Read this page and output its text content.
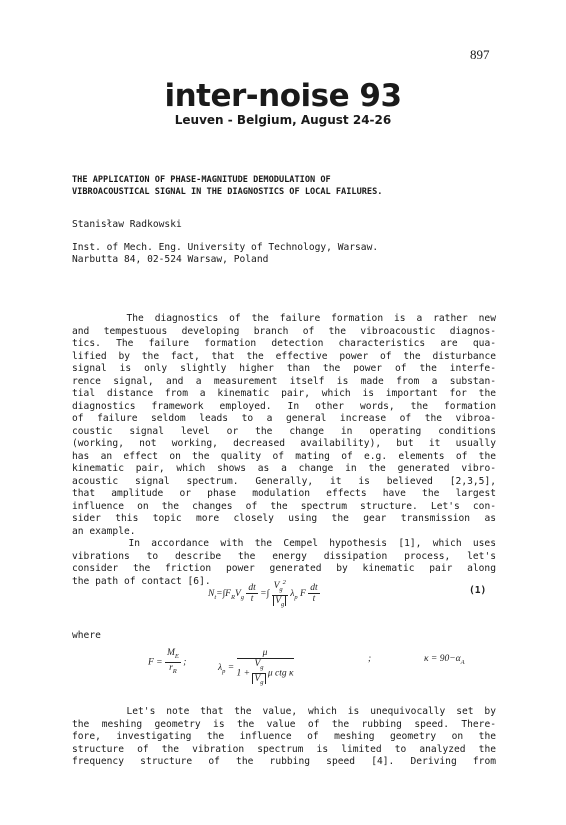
897
inter-noise 93
Leuven - Belgium, August 24-26
THE APPLICATION OF PHASE-MAGNITUDE DEMODULATION OF
VIBROACOUSTICAL SIGNAL IN THE DIAGNOSTICS OF LOCAL FAILURES.
Stanisław Radkowski
Inst. of Mech. Eng. University of Technology, Warsaw.
Narbutta 84, 02-524 Warsaw, Poland
The diagnostics of the failure formation is a rather new
and tempestuous developing branch of the vibroacoustic diagnos-
tics. The failure formation detection characteristics are qua-
lified by the fact, that the effective power of the disturbance
signal is only slightly higher than the power of the interfe-
rence signal, and a measurement itself is made from a substan-
tial distance from a kinematic pair, which is important for the
diagnostics framework employed. In other words, the formation
of failure seldom leads to a general increase of the vibroa-
coustic signal level or the change in operating conditions
(working, not working, decreased availability), but it usually
has an effect on the quality of mating of e.g. elements of the
kinematic pair, which shows as a change in the generated vibro-
acoustic signal spectrum. Generally, it is believed [2,3,5],
that amplitude or phase modulation effects have the largest
influence on the changes of the spectrum structure. Let's con-
sider this topic more closely using the gear transmission as
an example.
In accordance with the Cempel hypothesis [1], which uses
vibrations to describe the energy dissipation process, let's
consider the friction power generated by kinematic pair along
the path of contact [6].
$N_t=\int F_RV_g \frac{dt}{t}$ =∫ $\frac{V_g^2}{V_g} \lambda_p$ F $\frac{dt}{t}$	(1)
where
$F = \frac{M_E}{r_R}$ ;
$\lambda_p = \frac{\mu}{1 + \frac{V_g}{V_g} \mu ctg \kappa}$	;	$\kappa = 90-\alpha_A$
Let's note that the value, which is unequivocally set by
the meshing geometry is the value of the rubbing speed. There-
fore, investigating the influence of meshing geometry on the
structure of the vibration spectrum is limited to analyzed the
frequency structure of the rubbing speed [4]. Deriving from
